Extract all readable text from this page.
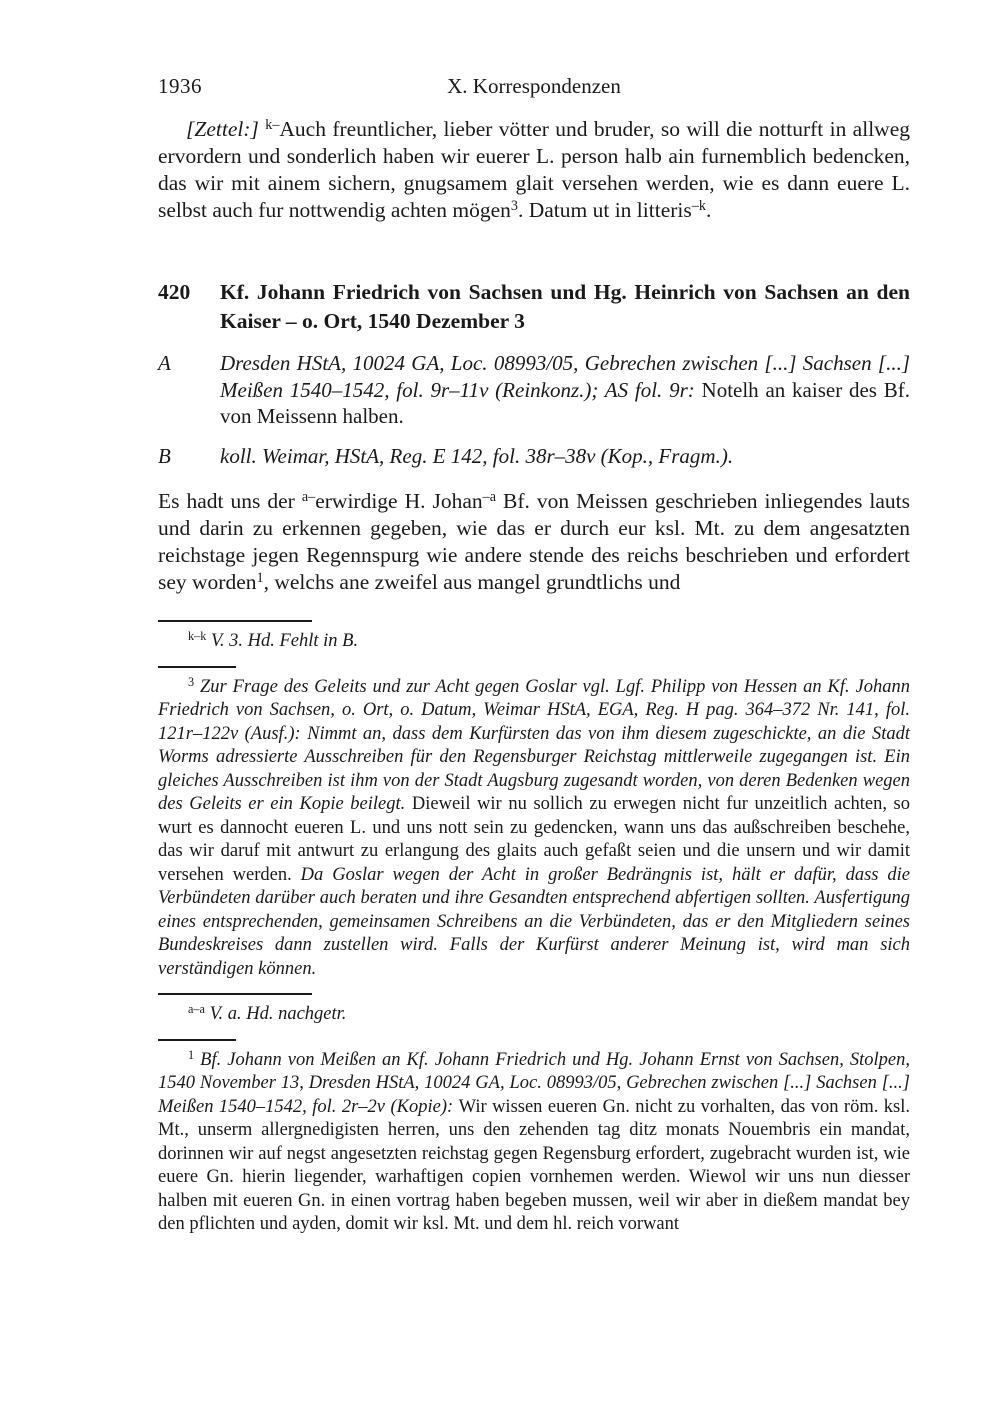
1936	X. Korrespondenzen

[Zettel:] $^{k-}$Auch freuntlicher, lieber vötter und bruder, so will die notturft in allweg ervordern und sonderlich haben wir euerer L. person halb ain furnemblich bedencken, das wir mit ainem sichern, gnugsamem glait versehen werden, wie es dann euere L. selbst auch fur nottwendig achten mögen$^3$. Datum ut in litteris$^{-k}$.

420 Kf. Johann Friedrich von Sachsen und Hg. Heinrich von Sachsen an den Kaiser – o. Ort, 1540 Dezember 3
A Dresden HStA, 10024 GA, Loc. 08993/05, Gebrechen zwischen [...] Sachsen [...] Meißen 1540–1542, fol. 9r–11v (Reinkonz.); AS fol. 9r: Notelh an kaiser des Bf. von Meissenn halben.

B koll. Weimar, HStA, Reg. E 142, fol. 38r–38v (Kop., Fragm.).

Es hadt uns der $^{a-}$erwirdige H. Johan$^{-a}$ Bf. von Meissen geschrieben inliegendes lauts und darin zu erkennen gegeben, wie das er durch eur ksl. Mt. zu dem angesatzten reichstage jegen Regennspurg wie andere stende des reichs beschrieben und erfordert sey worden$^1$, welchs ane zweifel aus mangel grundtlichs und

$^{k-k}$ V. 3. Hd. Fehlt in B.

$^3$ Zur Frage des Geleits und zur Acht gegen Goslar vgl. Lgf. Philipp von Hessen an Kf. Johann Friedrich von Sachsen, o. Ort, o. Datum, Weimar HStA, EGA, Reg. H pag. 364–372 Nr. 141, fol. 121r–122v (Ausf.): Nimmt an, dass dem Kurfürsten das von ihm diesem zugeschickte, an die Stadt Worms adressierte Ausschreiben für den Regensburger Reichstag mittlerweile zugegangen ist. Ein gleiches Ausschreiben ist ihm von der Stadt Augsburg zugesandt worden, von deren Bedenken wegen des Geleits er ein Kopie beilegt. Dieweil wir nu sollich zu erwegen nicht fur unzeitlich achten, so wurt es dannocht eueren L. und uns nott sein zu gedencken, wann uns das außschreiben beschehe, das wir daruf mit antwurt zu erlangung des glaits auch gefaßt seien und die unsern und wir damit versehen werden. Da Goslar wegen der Acht in großer Bedrängnis ist, hält er dafür, dass die Verbündeten darüber auch beraten und ihre Gesandten entsprechend abfertigen sollten. Ausfertigung eines entsprechenden, gemeinsamen Schreibens an die Verbündeten, das er den Mitgliedern seines Bundeskreises dann zustellen wird. Falls der Kurfürst anderer Meinung ist, wird man sich verständigen können.

$^{a-a}$ V. a. Hd. nachgetr.

$^1$ Bf. Johann von Meißen an Kf. Johann Friedrich und Hg. Johann Ernst von Sachsen, Stolpen, 1540 November 13, Dresden HStA, 10024 GA, Loc. 08993/05, Gebrechen zwischen [...] Sachsen [...] Meißen 1540–1542, fol. 2r–2v (Kopie): Wir wissen eueren Gn. nicht zu vorhalten, das von röm. ksl. Mt., unserm allergnedigisten herren, uns den zehenden tag ditz monats Nouembris ein mandat, dorinnen wir auf negst angesetzten reichstag gegen Regensburg erfordert, zugebracht wurden ist, wie euere Gn. hierin liegender, warhaftigen copien vornhemen werden. Wiewol wir uns nun diesser halben mit eueren Gn. in einen vortrag haben begeben mussen, weil wir aber in dießem mandat bey den pflichten und ayden, domit wir ksl. Mt. und dem hl. reich vorwant
